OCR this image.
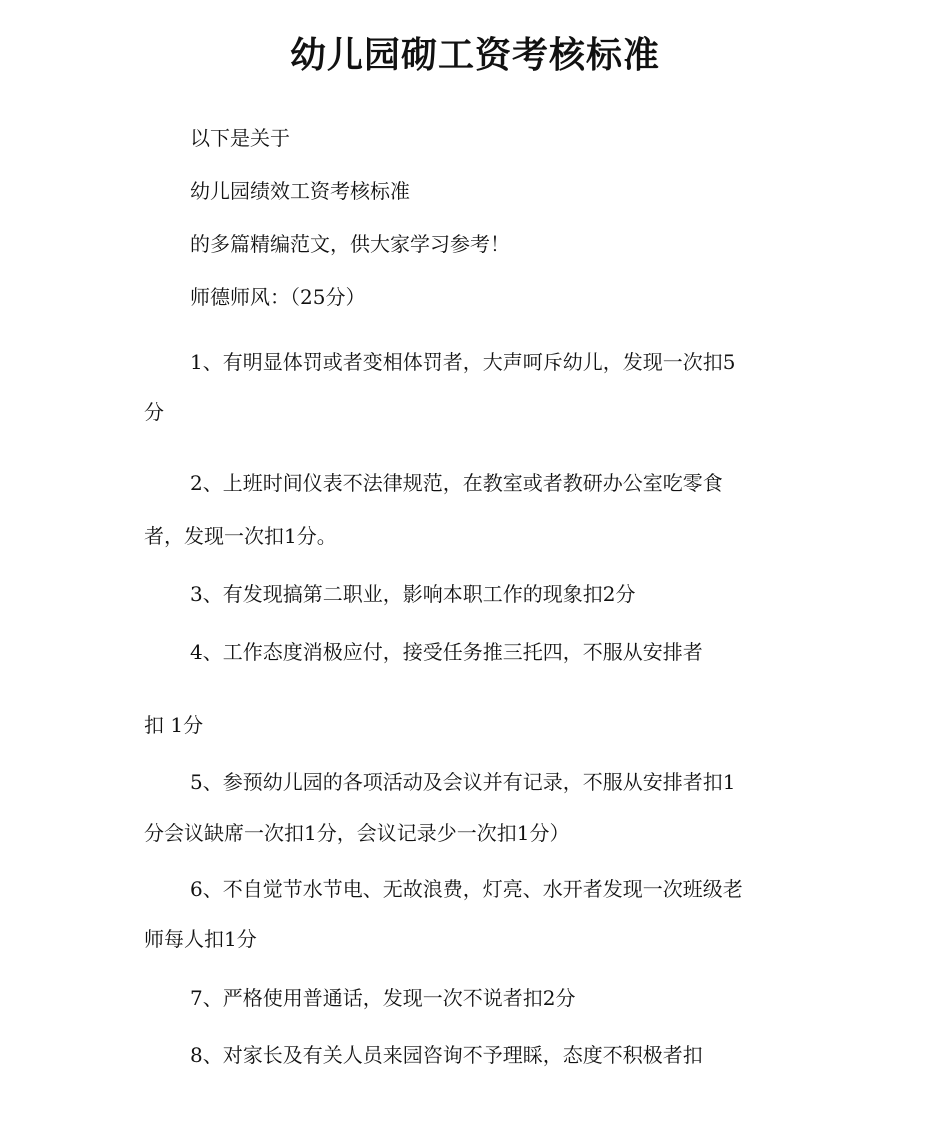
幼儿园砌工资考核标准

以下是关于

幼儿园绩效工资考核标准

的多篇精编范文，供大家学习参考！

师德师风：（25分）

1、有明显体罚或者变相体罚者，大声呵斥幼儿，发现一次扣5

分

2、上班时间仪表不法律规范，在教室或者教研办公室吃零食

者，发现一次扣1分。

3、有发现搞第二职业，影响本职工作的现象扣2分

4、工作态度消极应付，接受任务推三托四，不服从安排者

扣 1分

5、参预幼儿园的各项活动及会议并有记录，不服从安排者扣1

分会议缺席一次扣1分，会议记录少一次扣1分）

6、不自觉节水节电、无故浪费，灯亮、水开者发现一次班级老

师每人扣1分

7、严格使用普通话，发现一次不说者扣2分

8、对家长及有关人员来园咨询不予理睬，态度不积极者扣
